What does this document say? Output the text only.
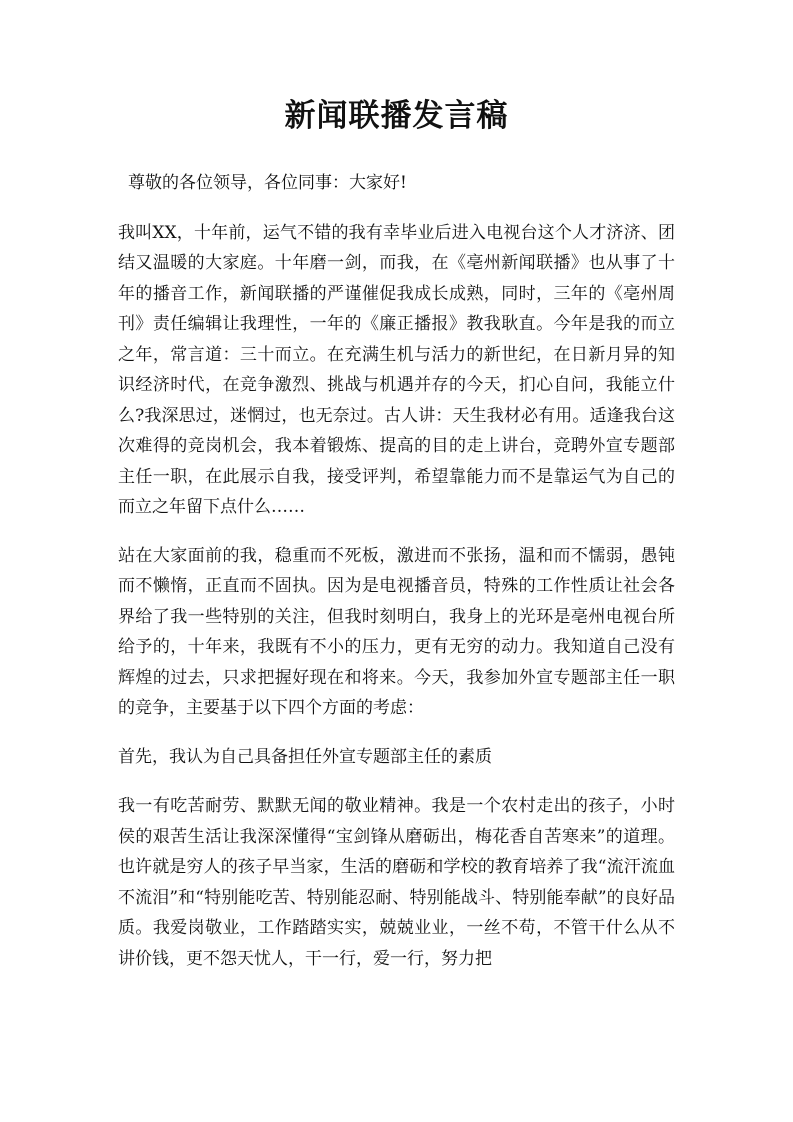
新闻联播发言稿

尊敬的各位领导，各位同事：大家好!

我叫XX，十年前，运气不错的我有幸毕业后进入电视台这个人才济济、团结又温暖的大家庭。十年磨一剑，而我，在《亳州新闻联播》也从事了十年的播音工作，新闻联播的严谨催促我成长成熟，同时，三年的《亳州周刊》责任编辑让我理性，一年的《廉正播报》教我耿直。今年是我的而立之年，常言道：三十而立。在充满生机与活力的新世纪，在日新月异的知识经济时代，在竞争激烈、挑战与机遇并存的今天，扪心自问，我能立什么?我深思过，迷惘过，也无奈过。古人讲：天生我材必有用。适逢我台这次难得的竞岗机会，我本着锻炼、提高的目的走上讲台，竞聘外宣专题部主任一职，在此展示自我，接受评判，希望靠能力而不是靠运气为自己的而立之年留下点什么……

站在大家面前的我，稳重而不死板，激进而不张扬，温和而不懦弱，愚钝而不懒惰，正直而不固执。因为是电视播音员，特殊的工作性质让社会各界给了我一些特别的关注，但我时刻明白，我身上的光环是亳州电视台所给予的，十年来，我既有不小的压力，更有无穷的动力。我知道自己没有辉煌的过去，只求把握好现在和将来。今天，我参加外宣专题部主任一职的竞争，主要基于以下四个方面的考虑：

首先，我认为自己具备担任外宣专题部主任的素质

我一有吃苦耐劳、默默无闻的敬业精神。我是一个农村走出的孩子，小时侯的艰苦生活让我深深懂得“宝剑锋从磨砺出，梅花香自苦寒来”的道理。也许就是穷人的孩子早当家，生活的磨砺和学校的教育培养了我“流汗流血不流泪”和“特别能吃苦、特别能忍耐、特别能战斗、特别能奉献”的良好品质。我爱岗敬业，工作踏踏实实，兢兢业业，一丝不苟，不管干什么从不讲价钱，更不怨天忧人，干一行，爱一行，努力把
